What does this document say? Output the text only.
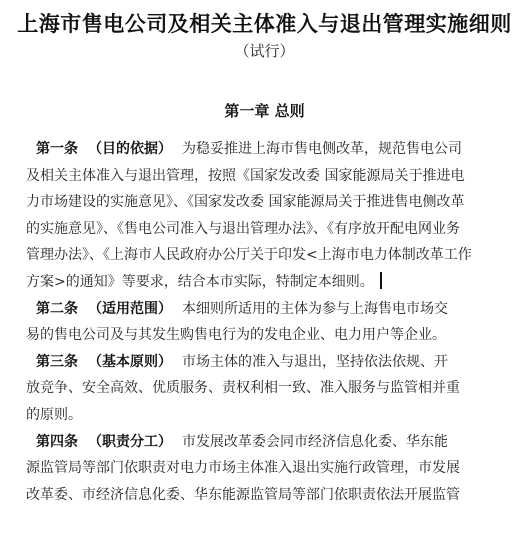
上海市售电公司及相关主体准入与退出管理实施细则
（试行）
第一章 总则
第一条 （目的依据） 为稳妥推进上海市售电侧改革，规范售电公司
及相关主体准入与退出管理，按照《国家发改委 国家能源局关于推进电
力市场建设的实施意见》、《国家发改委 国家能源局关于推进售电侧改革
的实施意见》、《售电公司准入与退出管理办法》、《有序放开配电网业务
管理办法》、《上海市人民政府办公厅关于印发<上海市电力体制改革工作
方案>的通知》等要求，结合本市实际，特制定本细则。
第二条 （适用范围） 本细则所适用的主体为参与上海售电市场交
易的售电公司及与其发生购售电行为的发电企业、电力用户等企业。
第三条 （基本原则） 市场主体的准入与退出，坚持依法依规、开
放竞争、安全高效、优质服务、责权利相一致、准入服务与监管相并重
的原则。
第四条 （职责分工） 市发展改革委会同市经济信息化委、华东能
源监管局等部门依职责对电力市场主体准入退出实施行政管理，市发展
改革委、市经济信息化委、华东能源监管局等部门依职责依法开展监管
